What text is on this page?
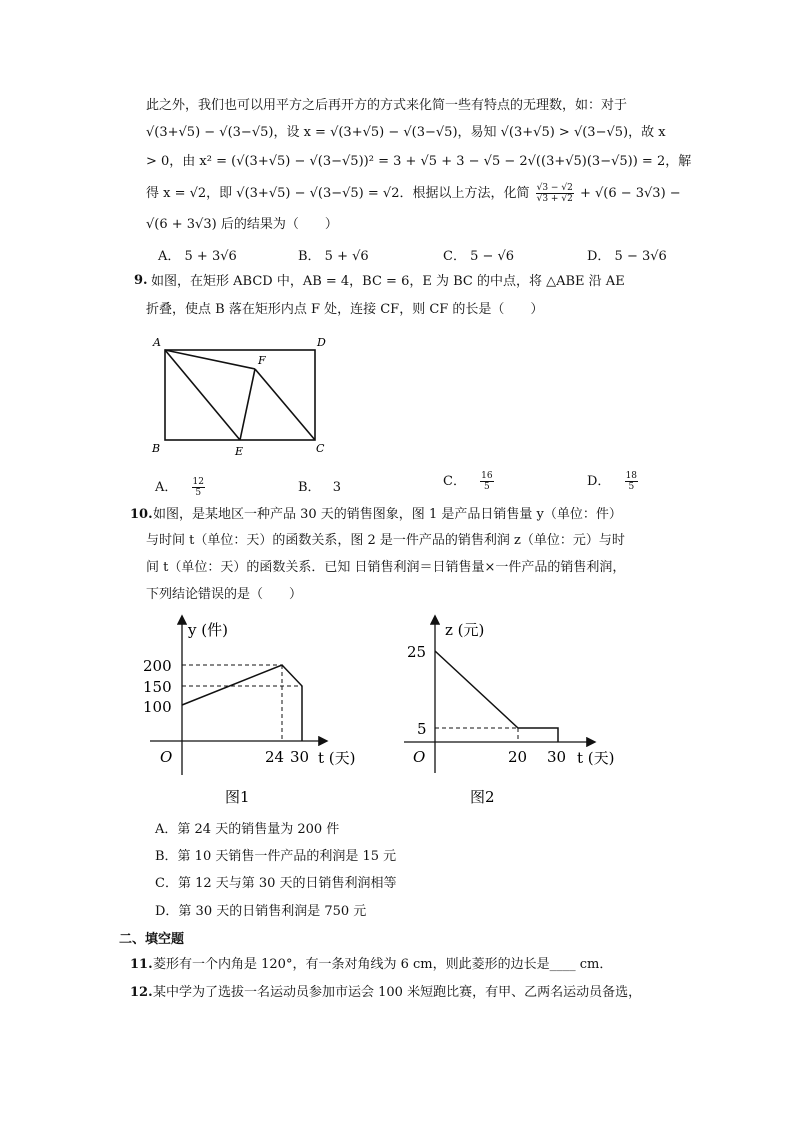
此之外，我们也可以用平方之后再开方的方式来化简一些有特点的无理数，如：对于
√(3+√5) − √(3−√5)，设 x = √(3+√5) − √(3−√5)，易知 √(3+√5) > √(3−√5)，故 x
> 0，由 x² = (√(3+√5) − √(3−√5))² = 3 + √5 + 3 − √5 − 2√((3+√5)(3−√5)) = 2，解
得 x = √2，即 √(3+√5) − √(3−√5) = √2．根据以上方法，化简 $\frac{√3 - √2}{√3 + √2} + √(6 - 3√3)$ −
√(6 + 3√3) 后的结果为（　　）
A． 5 + 3√6	B． 5 + √6	C． 5 − √6	D． 5 − 3√6
9. 如图，在矩形 ABCD 中，AB = 4，BC = 6，E 为 BC 的中点，将 △ABE 沿 AE
折叠，使点 B 落在矩形内点 F 处，连接 CF，则 CF 的长是（　　）
A	D
B	C
E
F
A． $\frac{12}{5}$	B． 3	C． $\frac{16}{5}$	D． $\frac{18}{5}$
10. 如图，是某地区一种产品 30 天的销售图象，图 1 是产品日销售量 y（单位：件）
与时间 t（单位：天）的函数关系，图 2 是一件产品的销售利润 z（单位：元）与时
间 t（单位：天）的函数关系．已知 日销售利润＝日销售量×一件产品的销售利润，
下列结论错误的是（　　）
y (件)
200
150
100
O	24 30 t (天)
图1
z (元)
25
5
O	20 30 t (天)
图2
A．第 24 天的销售量为 200 件
B．第 10 天销售一件产品的利润是 15 元
C．第 12 天与第 30 天的日销售利润相等
D．第 30 天的日销售利润是 750 元
二、填空题
11. 菱形有一个内角是 120°，有一条对角线为 6 cm，则此菱形的边长是____ cm．
12. 某中学为了选拔一名运动员参加市运会 100 米短跑比赛，有甲、乙两名运动员备选，
